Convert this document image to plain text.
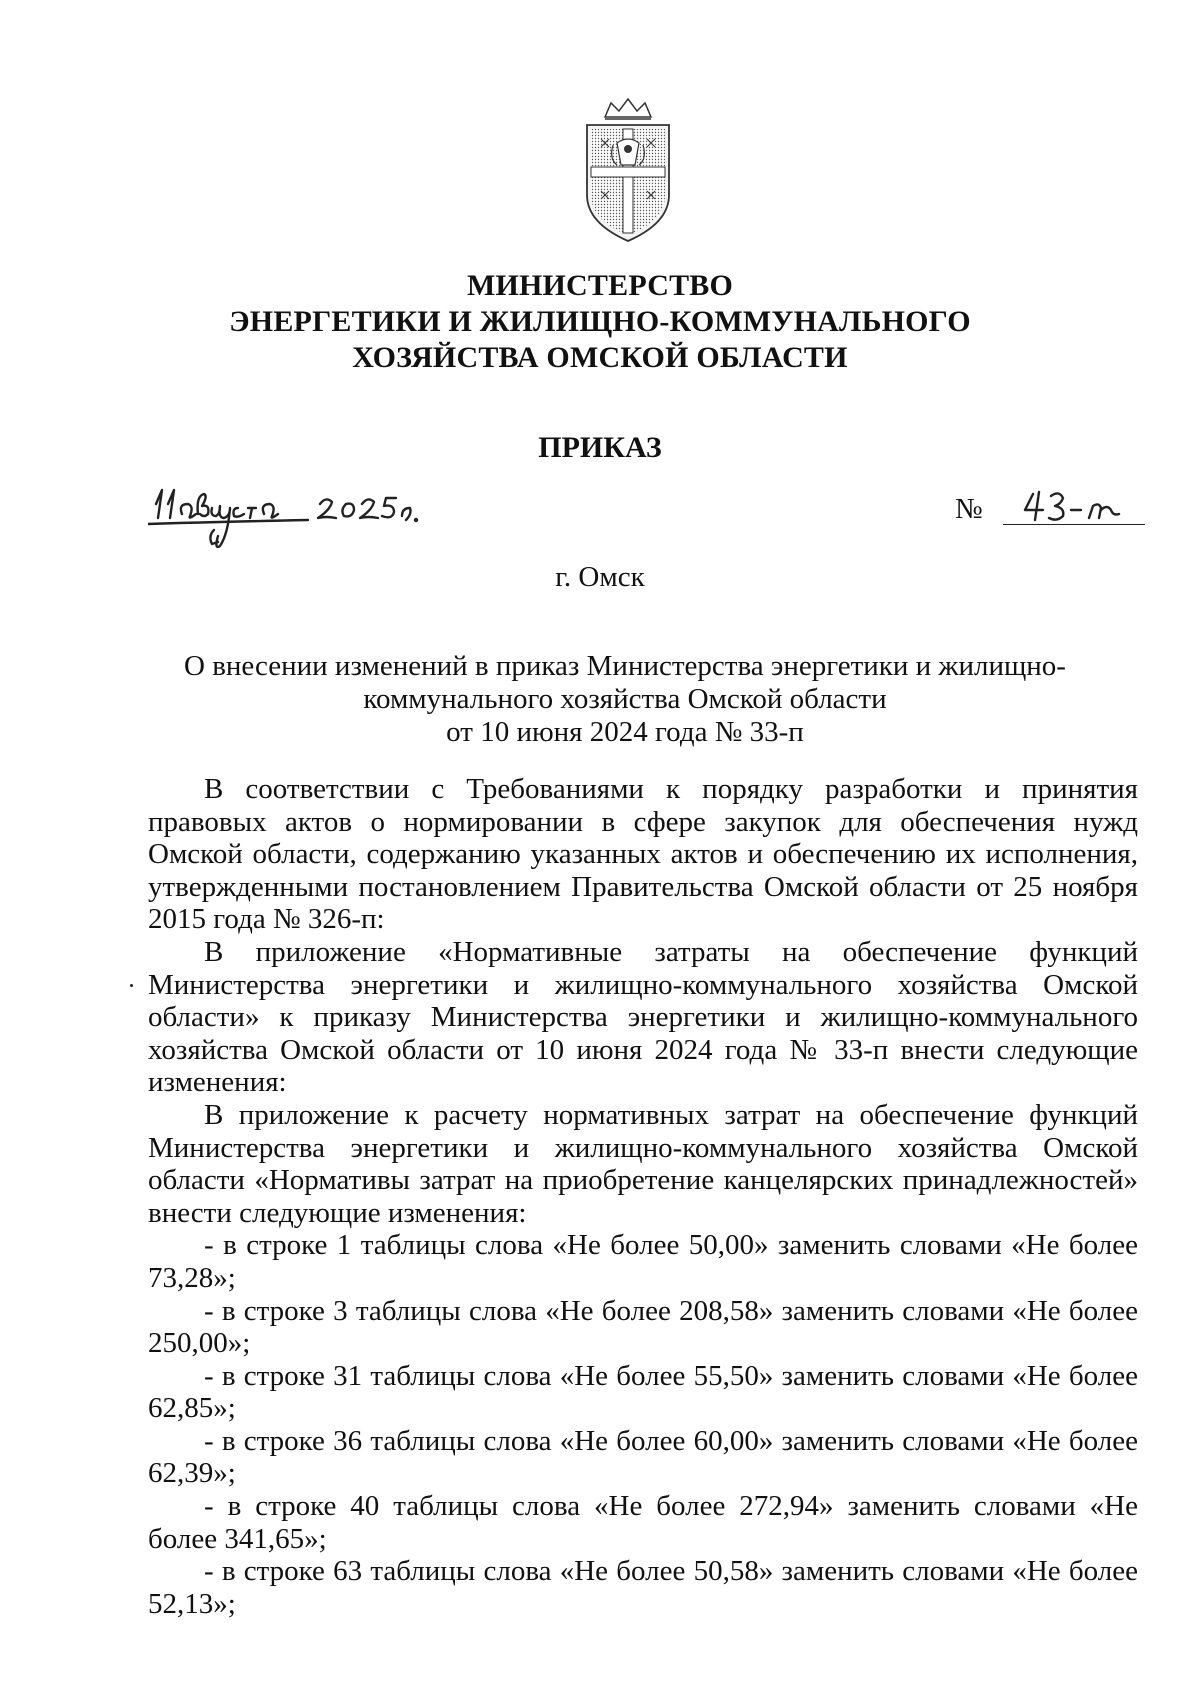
МИНИСТЕРСТВО
ЭНЕРГЕТИКИ И ЖИЛИЩНО-КОММУНАЛЬНОГО
ХОЗЯЙСТВА ОМСКОЙ ОБЛАСТИ
ПРИКАЗ
№
г. Омск
О внесении изменений в приказ Министерства энергетики и жилищно-
коммунального хозяйства Омской области
от 10 июня 2024 года № 33-п

В соответствии с Требованиями к порядку разработки и принятия правовых актов о нормировании в сфере закупок для обеспечения нужд Омской области, содержанию указанных актов и обеспечению их исполнения, утвержденными постановлением Правительства Омской области от 25 ноября 2015 года № 326-п:

В приложение «Нормативные затраты на обеспечение функций Министерства энергетики и жилищно-коммунального хозяйства Омской области» к приказу Министерства энергетики и жилищно-коммунального хозяйства Омской области от 10 июня 2024 года № 33-п внести следующие изменения:

В приложение к расчету нормативных затрат на обеспечение функций Министерства энергетики и жилищно-коммунального хозяйства Омской области «Нормативы затрат на приобретение канцелярских принадлежностей» внести следующие изменения:

- в строке 1 таблицы слова «Не более 50,00» заменить словами «Не более 73,28»;

- в строке 3 таблицы слова «Не более 208,58» заменить словами «Не более 250,00»;

- в строке 31 таблицы слова «Не более 55,50» заменить словами «Не более 62,85»;

- в строке 36 таблицы слова «Не более 60,00» заменить словами «Не более 62,39»;

- в строке 40 таблицы слова «Не более 272,94» заменить словами «Не более 341,65»;

- в строке 63 таблицы слова «Не более 50,58» заменить словами «Не более 52,13»;
